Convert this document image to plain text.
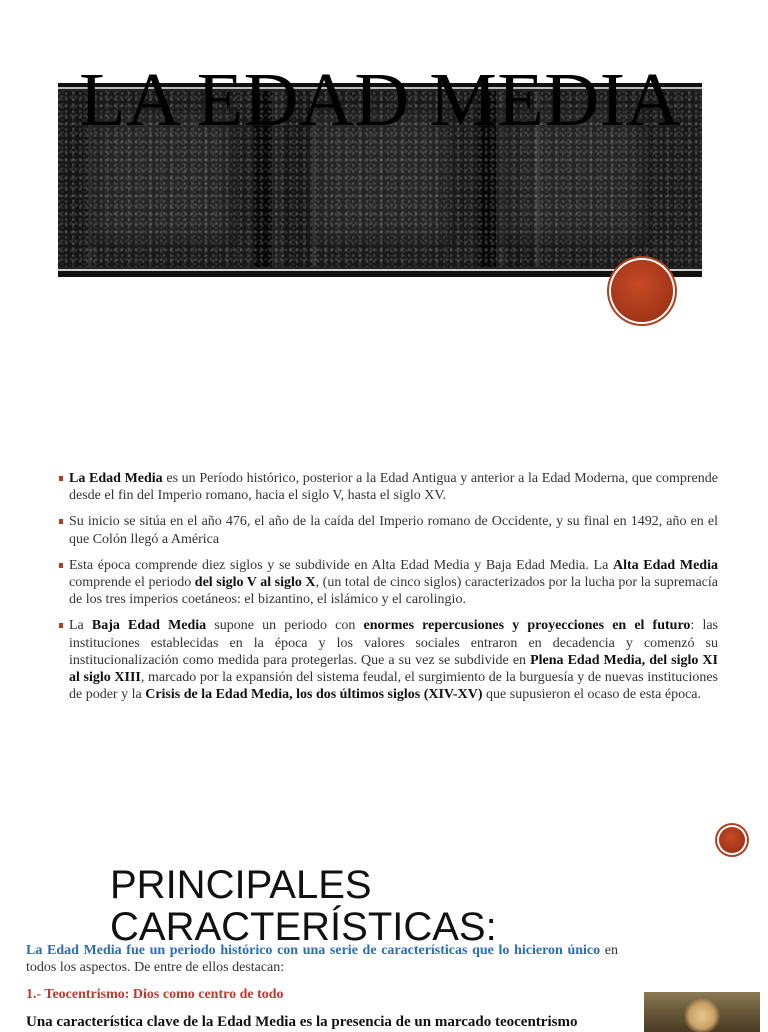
LA EDAD MEDIA
La Edad Media es un Período histórico, posterior a la Edad Antigua y anterior a la Edad Moderna, que comprende desde el fin del Imperio romano, hacia el siglo V, hasta el siglo XV.
Su inicio se sitúa en el año 476, el año de la caída del Imperio romano de Occidente, y su final en 1492, año en el que Colón llegó a América
Esta época comprende diez siglos y se subdivide en Alta Edad Media y Baja Edad Media. La Alta Edad Media comprende el periodo del siglo V al siglo X, (un total de cinco siglos) caracterizados por la lucha por la supremacía de los tres imperios coetáneos: el bizantino, el islámico y el carolingio.
La Baja Edad Media supone un periodo con enormes repercusiones y proyecciones en el futuro: las instituciones establecidas en la época y los valores sociales entraron en decadencia y comenzó su institucionalización como medida para protegerlas. Que a su vez se subdivide en Plena Edad Media, del siglo XI al siglo XIII, marcado por la expansión del sistema feudal, el surgimiento de la burguesía y de nuevas instituciones de poder y la Crisis de la Edad Media, los dos últimos siglos (XIV-XV) que supusieron el ocaso de esta época.
PRINCIPALES
CARACTERÍSTICAS:

La Edad Media fue un periodo histórico con una serie de características que lo hicieron único en todos los aspectos. De entre de ellos destacan:

1.- Teocentrismo: Dios como centro de todo

Una característica clave de la Edad Media es la presencia de un marcado teocentrismo
